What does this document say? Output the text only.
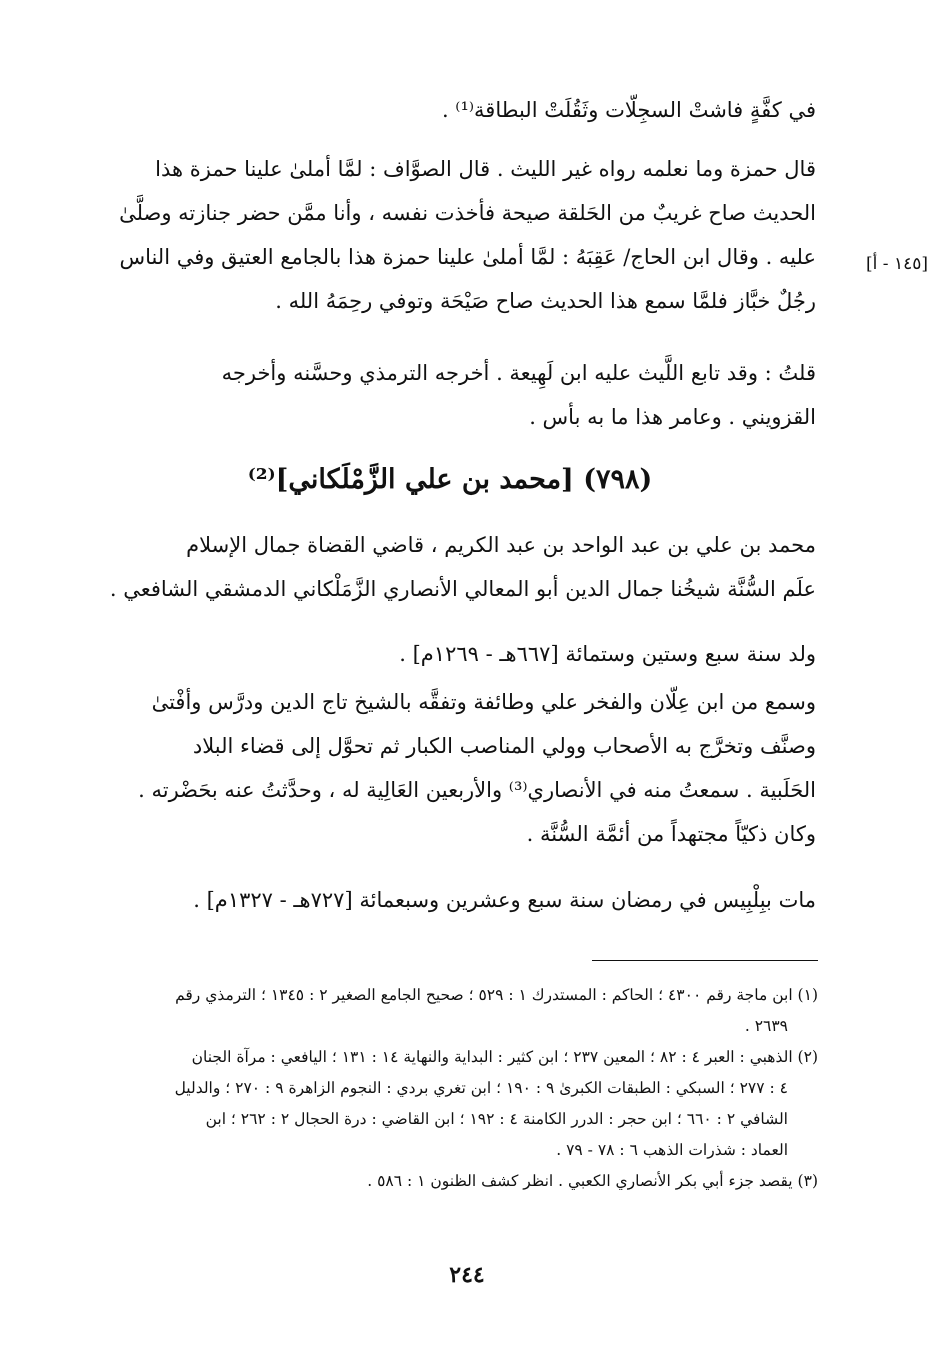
في كفَّةٍ فاشتْ السجِلّات وثَقُلَتْ البطاقة⁽¹⁾ .
قال حمزة وما نعلمه رواه غير الليث . قال الصوَّاف : لمَّا أملىٰ علينا حمزة هذا
الحديث صاح غريبٌ من الحَلقة صيحة فأخذت نفسه ، وأنا ممَّن حضر جنازته وصلَّىٰ
عليه . وقال ابن الحاج/ عَقِبَهُ : لمَّا أملىٰ علينا حمزة هذا بالجامع العتيق وفي الناس
رجُلٌ خبَّاز فلمَّا سمع هذا الحديث صاح صَيْحَة وتوفي رحِمَهُ الله .
[١٤٥ - أ]
قلتُ : وقد تابع اللَّيث عليه ابن لَهِيعة . أخرجه الترمذي وحسَّنه وأخرجه
القزويني . وعامر هذا ما به بأس .
(٧٩٨) [محمد بن علي الزَّمْلَكاني]⁽²⁾
محمد بن علي بن عبد الواحد بن عبد الكريم ، قاضي القضاة جمال الإسلام
علَم السُّنَّة شيخُنا جمال الدين أبو المعالي الأنصاري الزَّمَلْكاني الدمشقي الشافعي .
ولد سنة سبع وستين وستمائة [٦٦٧هـ - ١٢٦٩م] .
وسمع من ابن عِلّان والفخر علي وطائفة وتفقَّه بالشيخ تاج الدين ودرَّس وأفْتىٰ
وصنَّف وتخرَّج به الأصحاب وولي المناصب الكبار ثم تحوَّل إلى قضاء البلاد
الحَلَبية . سمعتُ منه في الأنصاري⁽³⁾ والأربعين العَالِية له ، وحدَّثتُ عنه بحَضْرته .
وكان ذكيّاً مجتهداً من أئمَّة السُّنَّة .
مات ببِلْبِيس في رمضان سنة سبع وعشرين وسبعمائة [٧٢٧هـ - ١٣٢٧م] .
(١) ابن ماجة رقم ٤٣٠٠ ؛ الحاكم : المستدرك ١ : ٥٢٩ ؛ صحيح الجامع الصغير ٢ : ١٣٤٥ ؛ الترمذي رقم
٢٦٣٩ .
(٢) الذهبي : العبر ٤ : ٨٢ ؛ المعين ٢٣٧ ؛ ابن كثير : البداية والنهاية ١٤ : ١٣١ ؛ اليافعي : مرآة الجنان
٤ : ٢٧٧ ؛ السبكي : الطبقات الكبرىٰ ٩ : ١٩٠ ؛ ابن تغري بردي : النجوم الزاهرة ٩ : ٢٧٠ ؛ والدليل
الشافي ٢ : ٦٦٠ ؛ ابن حجر : الدرر الكامنة ٤ : ١٩٢ ؛ ابن القاضي : درة الحجال ٢ : ٢٦٢ ؛ ابن
العماد : شذرات الذهب ٦ : ٧٨ - ٧٩ .
(٣) يقصد جزء أبي بكر الأنصاري الكعبي . انظر كشف الظنون ١ : ٥٨٦ .
٢٤٤
